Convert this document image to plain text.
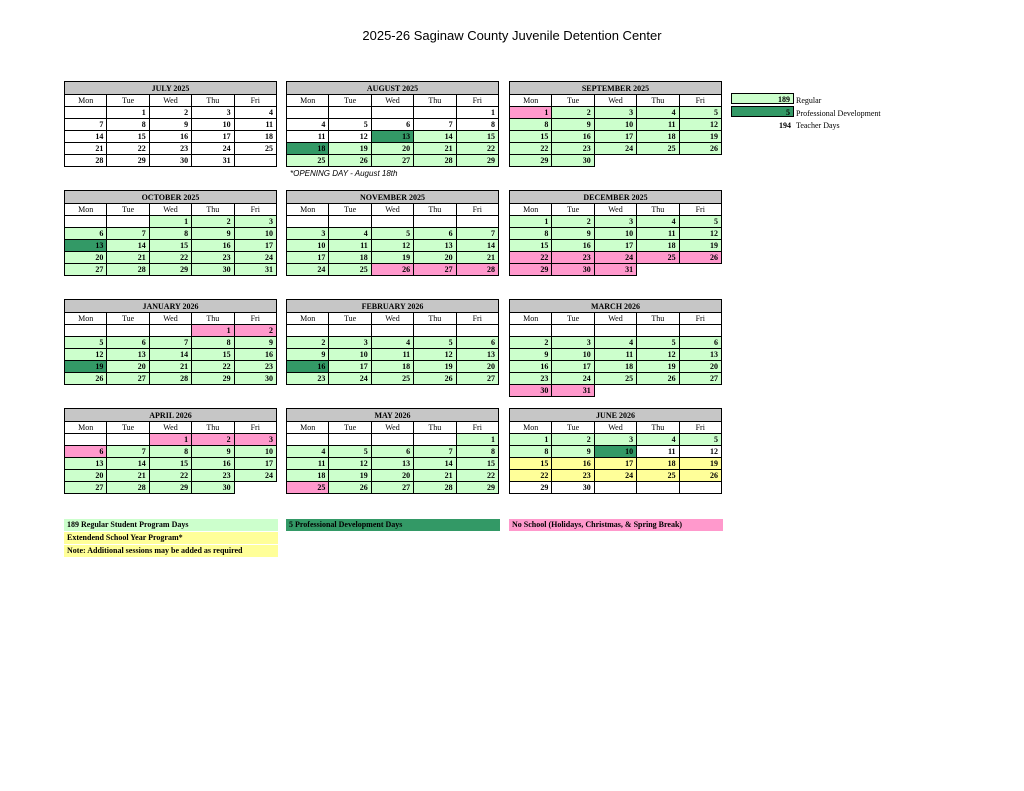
2025-26 Saginaw County Juvenile Detention Center
JULY 2025				
Mon	Tue	Wed	Thu	Fri
	1	2	3	4
7	8	9	10	11
14	15	16	17	18
21	22	23	24	25
28	29	30	31	
AUGUST 2025				
Mon	Tue	Wed	Thu	Fri
				1
4	5	6	7	8
11	12	13	14	15
18	19	20	21	22
25	26	27	28	29
SEPTEMBER 2025				
Mon	Tue	Wed	Thu	Fri
1	2	3	4	5
8	9	10	11	12
15	16	17	18	19
22	23	24	25	26
29	30			
OCTOBER 2025				
Mon	Tue	Wed	Thu	Fri
		1	2	3
6	7	8	9	10
13	14	15	16	17
20	21	22	23	24
27	28	29	30	31
NOVEMBER 2025				
Mon	Tue	Wed	Thu	Fri

3	4	5	6	7
10	11	12	13	14
17	18	19	20	21
24	25	26	27	28
DECEMBER 2025				
Mon	Tue	Wed	Thu	Fri
1	2	3	4	5
8	9	10	11	12
15	16	17	18	19
22	23	24	25	26
29	30	31		
JANUARY 2026				
Mon	Tue	Wed	Thu	Fri
			1	2
5	6	7	8	9
12	13	14	15	16
19	20	21	22	23
26	27	28	29	30
FEBRUARY 2026				
Mon	Tue	Wed	Thu	Fri

2	3	4	5	6
9	10	11	12	13
16	17	18	19	20
23	24	25	26	27
MARCH 2026				
Mon	Tue	Wed	Thu	Fri

2	3	4	5	6
9	10	11	12	13
16	17	18	19	20
23	24	25	26	27
30	31			
APRIL 2026				
Mon	Tue	Wed	Thu	Fri
		1	2	3
6	7	8	9	10
13	14	15	16	17
20	21	22	23	24
27	28	29	30	
MAY 2026				
Mon	Tue	Wed	Thu	Fri
				1
4	5	6	7	8
11	12	13	14	15
18	19	20	21	22
25	26	27	28	29
JUNE 2026				
Mon	Tue	Wed	Thu	Fri
1	2	3	4	5
8	9	10	11	12
15	16	17	18	19
22	23	24	25	26
29	30			
*OPENING DAY - August 18th
189 Regular
5 Professional Development
194 Teacher Days
189 Regular Student Program Days	5 Professional Development Days	No School (Holidays, Christmas, & Spring Break)
Extendend School Year Program*
Note: Additional sessions may be added as required
